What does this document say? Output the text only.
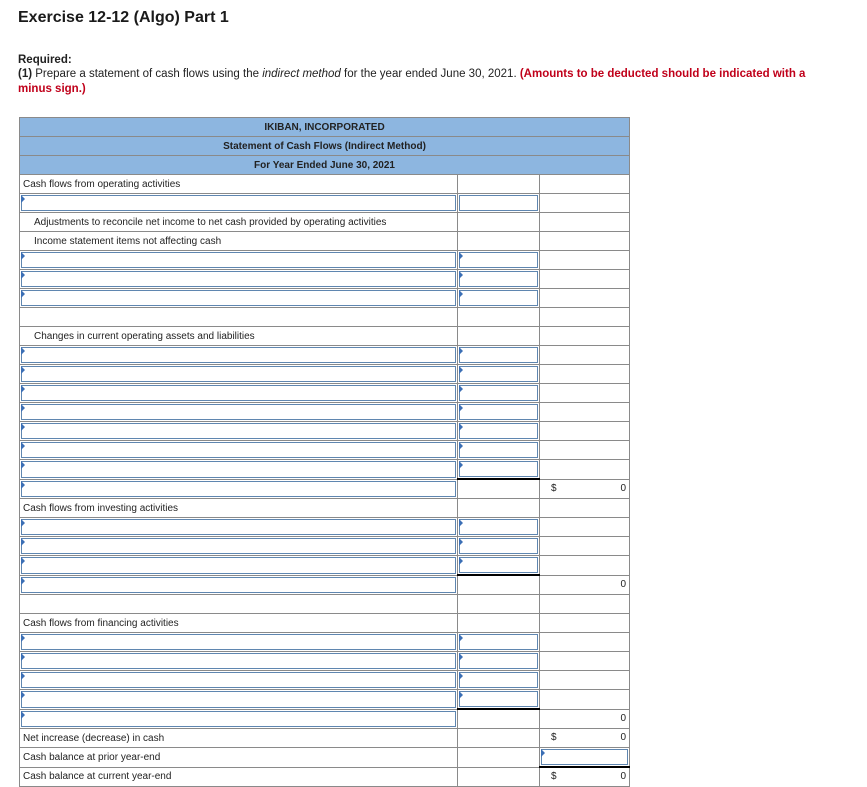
Exercise 12-12 (Algo) Part 1
Required:
(1) Prepare a statement of cash flows using the indirect method for the year ended June 30, 2021. (Amounts to be deducted should be indicated with a minus sign.)
IKIBAN, INCORPORATED		
Statement of Cash Flows (Indirect Method)		
For Year Ended June 30, 2021		
Cash flows from operating activities		

Adjustments to reconcile net income to net cash provided by operating activities		
Income statement items not affecting cash		

Changes in current operating assets and liabilities		

		$ 0

Cash flows from investing activities		

		0

Cash flows from financing activities		

		0

Net increase (decrease) in cash		$ 0

Cash balance at prior year-end		

Cash balance at current year-end		$ 0
